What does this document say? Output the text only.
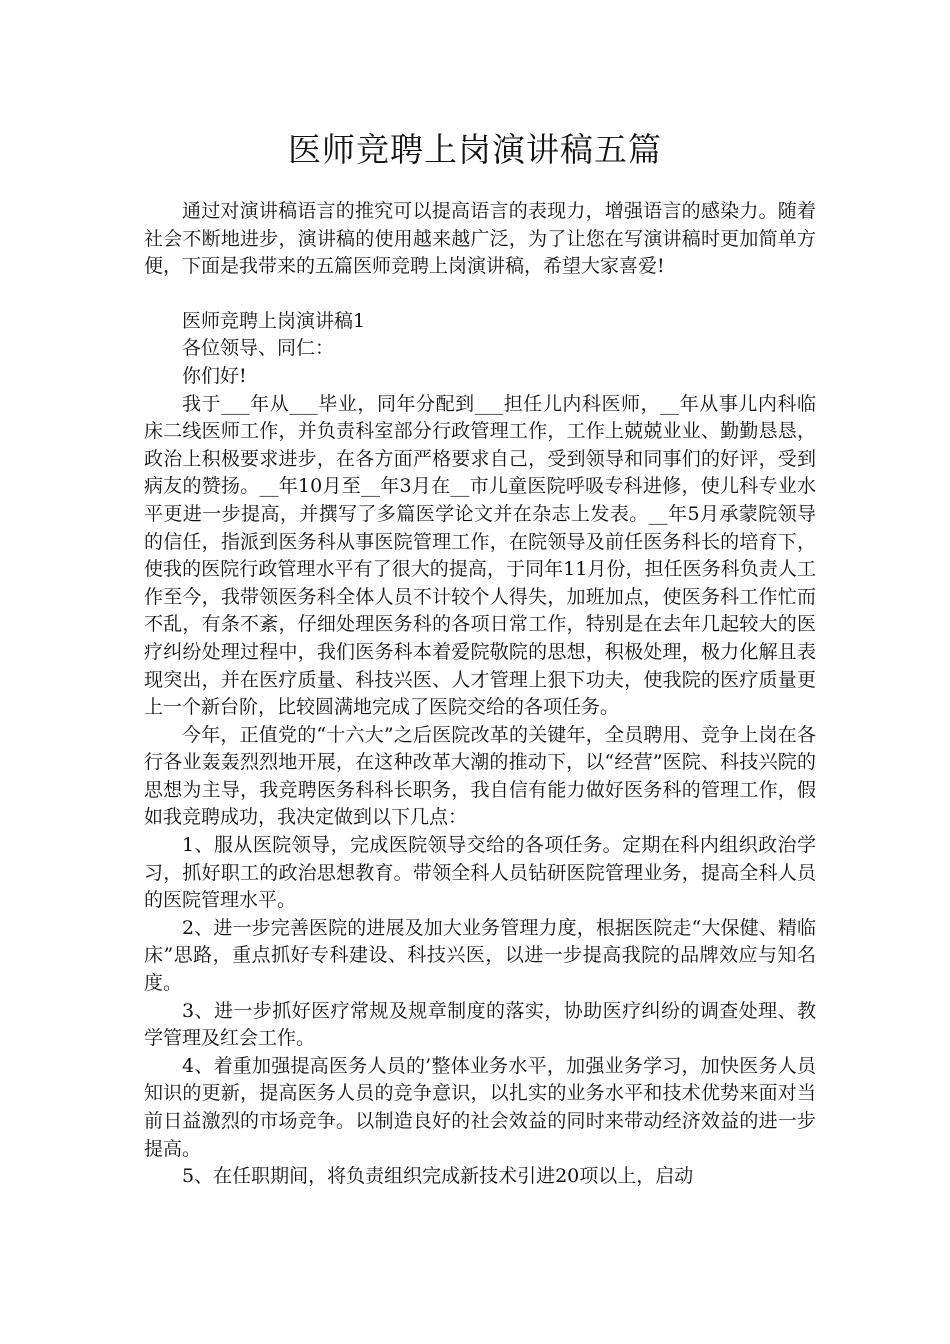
医师竞聘上岗演讲稿五篇

通过对演讲稿语言的推究可以提高语言的表现力，增强语言的感染力。随着社会不断地进步，演讲稿的使用越来越广泛，为了让您在写演讲稿时更加简单方便，下面是我带来的五篇医师竞聘上岗演讲稿，希望大家喜爱!

医师竞聘上岗演讲稿1

各位领导、同仁：

你们好!

我于___年从___毕业，同年分配到___担任儿内科医师，__年从事儿内科临床二线医师工作，并负责科室部分行政管理工作，工作上兢兢业业、勤勤恳恳，政治上积极要求进步，在各方面严格要求自己，受到领导和同事们的好评，受到病友的赞扬。__年10月至__年3月在__市儿童医院呼吸专科进修，使儿科专业水平更进一步提高，并撰写了多篇医学论文并在杂志上发表。__年5月承蒙院领导的信任，指派到医务科从事医院管理工作，在院领导及前任医务科长的培育下，使我的医院行政管理水平有了很大的提高，于同年11月份，担任医务科负责人工作至今，我带领医务科全体人员不计较个人得失，加班加点，使医务科工作忙而不乱，有条不紊，仔细处理医务科的各项日常工作，特别是在去年几起较大的医疗纠纷处理过程中，我们医务科本着爱院敬院的思想，积极处理，极力化解且表现突出，并在医疗质量、科技兴医、人才管理上狠下功夫，使我院的医疗质量更上一个新台阶，比较圆满地完成了医院交给的各项任务。

今年，正值党的“十六大”之后医院改革的关键年，全员聘用、竞争上岗在各行各业轰轰烈烈地开展，在这种改革大潮的推动下，以“经营”医院、科技兴院的思想为主导，我竞聘医务科科长职务，我自信有能力做好医务科的管理工作，假如我竞聘成功，我决定做到以下几点：

1、服从医院领导，完成医院领导交给的各项任务。定期在科内组织政治学习，抓好职工的政治思想教育。带领全科人员钻研医院管理业务，提高全科人员的医院管理水平。

2、进一步完善医院的进展及加大业务管理力度，根据医院走“大保健、精临床”思路，重点抓好专科建设、科技兴医，以进一步提高我院的品牌效应与知名度。

3、进一步抓好医疗常规及规章制度的落实，协助医疗纠纷的调查处理、教学管理及红会工作。

4、着重加强提高医务人员的’整体业务水平，加强业务学习，加快医务人员知识的更新，提高医务人员的竞争意识，以扎实的业务水平和技术优势来面对当前日益激烈的市场竞争。以制造良好的社会效益的同时来带动经济效益的进一步提高。

5、在任职期间，将负责组织完成新技术引进20项以上，启动
